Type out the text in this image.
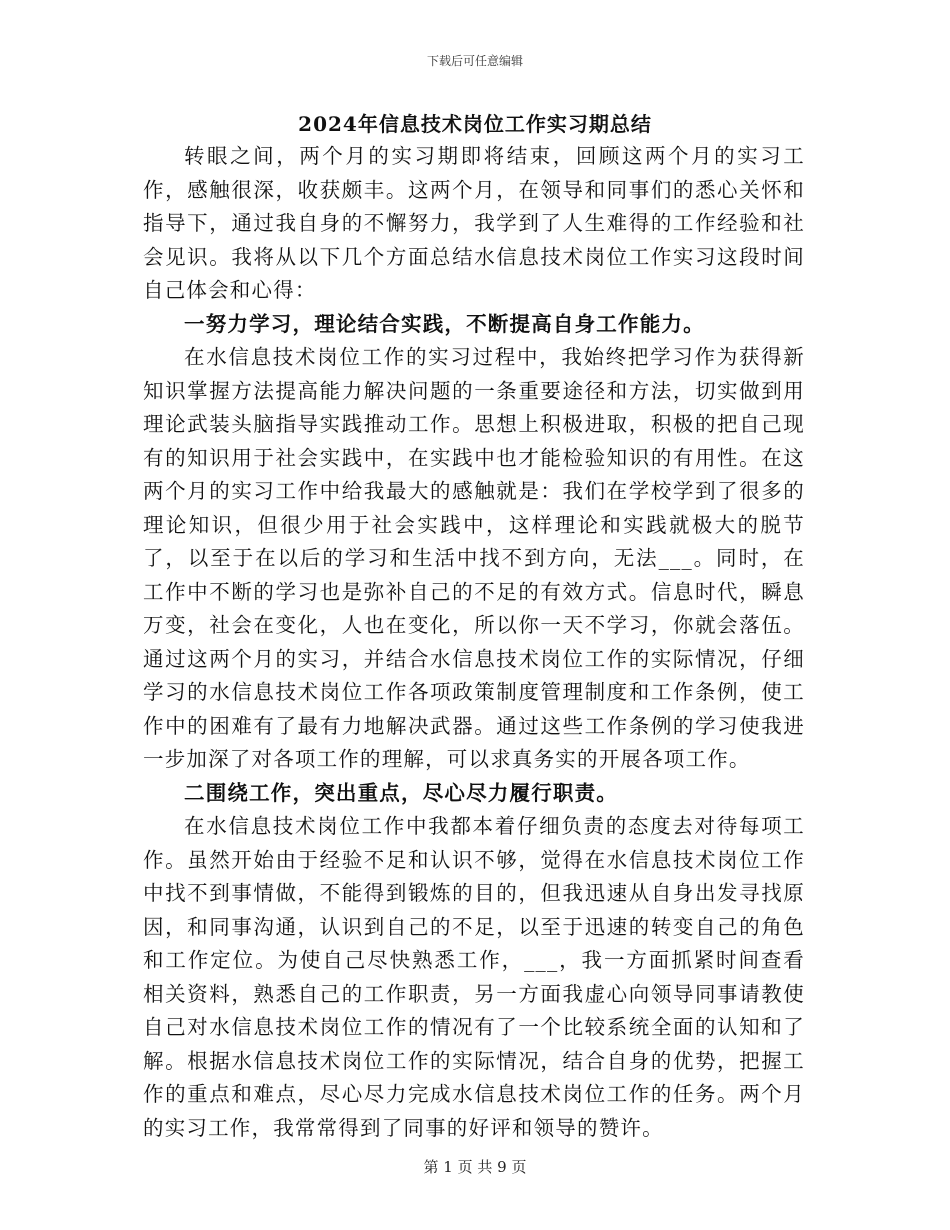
下载后可任意编辑
2024年信息技术岗位工作实习期总结

转眼之间，两个月的实习期即将结束，回顾这两个月的实习工作，感触很深，收获颇丰。这两个月，在领导和同事们的悉心关怀和指导下，通过我自身的不懈努力，我学到了人生难得的工作经验和社会见识。我将从以下几个方面总结水信息技术岗位工作实习这段时间自己体会和心得：

一努力学习，理论结合实践，不断提高自身工作能力。

在水信息技术岗位工作的实习过程中，我始终把学习作为获得新知识掌握方法提高能力解决问题的一条重要途径和方法，切实做到用理论武装头脑指导实践推动工作。思想上积极进取，积极的把自己现有的知识用于社会实践中，在实践中也才能检验知识的有用性。在这两个月的实习工作中给我最大的感触就是：我们在学校学到了很多的理论知识，但很少用于社会实践中，这样理论和实践就极大的脱节了，以至于在以后的学习和生活中找不到方向，无法___。同时，在工作中不断的学习也是弥补自己的不足的有效方式。信息时代，瞬息万变，社会在变化，人也在变化，所以你一天不学习，你就会落伍。通过这两个月的实习，并结合水信息技术岗位工作的实际情况，仔细学习的水信息技术岗位工作各项政策制度管理制度和工作条例，使工作中的困难有了最有力地解决武器。通过这些工作条例的学习使我进一步加深了对各项工作的理解，可以求真务实的开展各项工作。

二围绕工作，突出重点，尽心尽力履行职责。

在水信息技术岗位工作中我都本着仔细负责的态度去对待每项工作。虽然开始由于经验不足和认识不够，觉得在水信息技术岗位工作中找不到事情做，不能得到锻炼的目的，但我迅速从自身出发寻找原因，和同事沟通，认识到自己的不足，以至于迅速的转变自己的角色和工作定位。为使自己尽快熟悉工作，___，我一方面抓紧时间查看相关资料，熟悉自己的工作职责，另一方面我虚心向领导同事请教使自己对水信息技术岗位工作的情况有了一个比较系统全面的认知和了解。根据水信息技术岗位工作的实际情况，结合自身的优势，把握工作的重点和难点，尽心尽力完成水信息技术岗位工作的任务。两个月的实习工作，我常常得到了同事的好评和领导的赞许。

第 1 页 共 9 页
